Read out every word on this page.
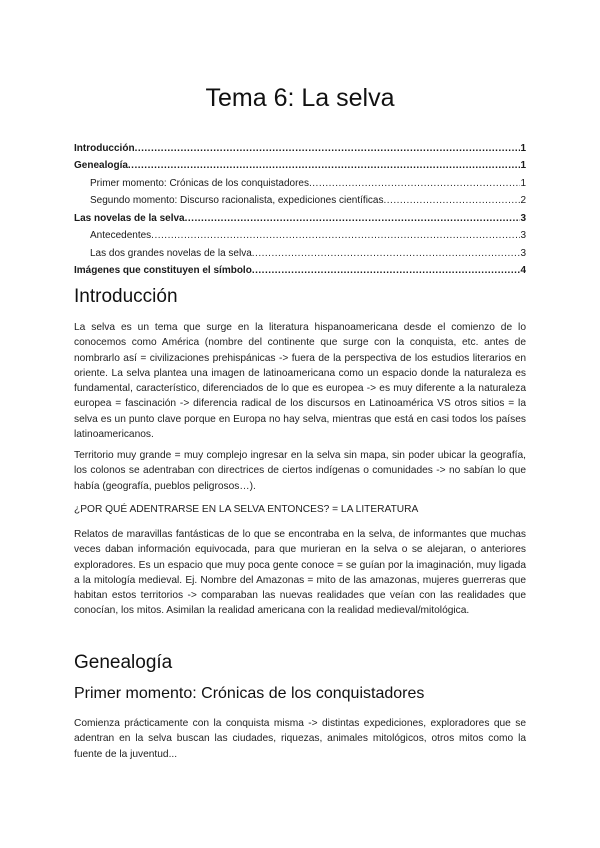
Tema 6: La selva
Introducción .....	1
Genealogía .....	1
Primer momento: Crónicas de los conquistadores .....	1
Segundo momento: Discurso racionalista, expediciones científicas .....	2
Las novelas de la selva .....	3
Antecedentes .....	3
Las dos grandes novelas de la selva .....	3
Imágenes que constituyen el símbolo .....	4
Introducción
La selva es un tema que surge en la literatura hispanoamericana desde el comienzo de lo conocemos como América (nombre del continente que surge con la conquista, etc. antes de nombrarlo así = civilizaciones prehispánicas -> fuera de la perspectiva de los estudios literarios en oriente. La selva plantea una imagen de latinoamericana como un espacio donde la naturaleza es fundamental, característico, diferenciados de lo que es europea -> es muy diferente a la naturaleza europea = fascinación -> diferencia radical de los discursos en Latinoamérica VS otros sitios = la selva es un punto clave porque en Europa no hay selva, mientras que está en casi todos los países latinoamericanos.
Territorio muy grande = muy complejo ingresar en la selva sin mapa, sin poder ubicar la geografía, los colonos se adentraban con directrices de ciertos indígenas o comunidades -> no sabían lo que había (geografía, pueblos peligrosos…).
¿POR QUÉ ADENTRARSE EN LA SELVA ENTONCES? = LA LITERATURA
Relatos de maravillas fantásticas de lo que se encontraba en la selva, de informantes que muchas veces daban información equivocada, para que murieran en la selva o se alejaran, o anteriores exploradores. Es un espacio que muy poca gente conoce = se guían por la imaginación, muy ligada a la mitología medieval. Ej. Nombre del Amazonas = mito de las amazonas, mujeres guerreras que habitan estos territorios -> comparaban las nuevas realidades que veían con las realidades que conocían, los mitos. Asimilan la realidad americana con la realidad medieval/mitológica.
Genealogía
Primer momento: Crónicas de los conquistadores
Comienza prácticamente con la conquista misma -> distintas expediciones, exploradores que se adentran en la selva buscan las ciudades, riquezas, animales mitológicos, otros mitos como la fuente de la juventud...
